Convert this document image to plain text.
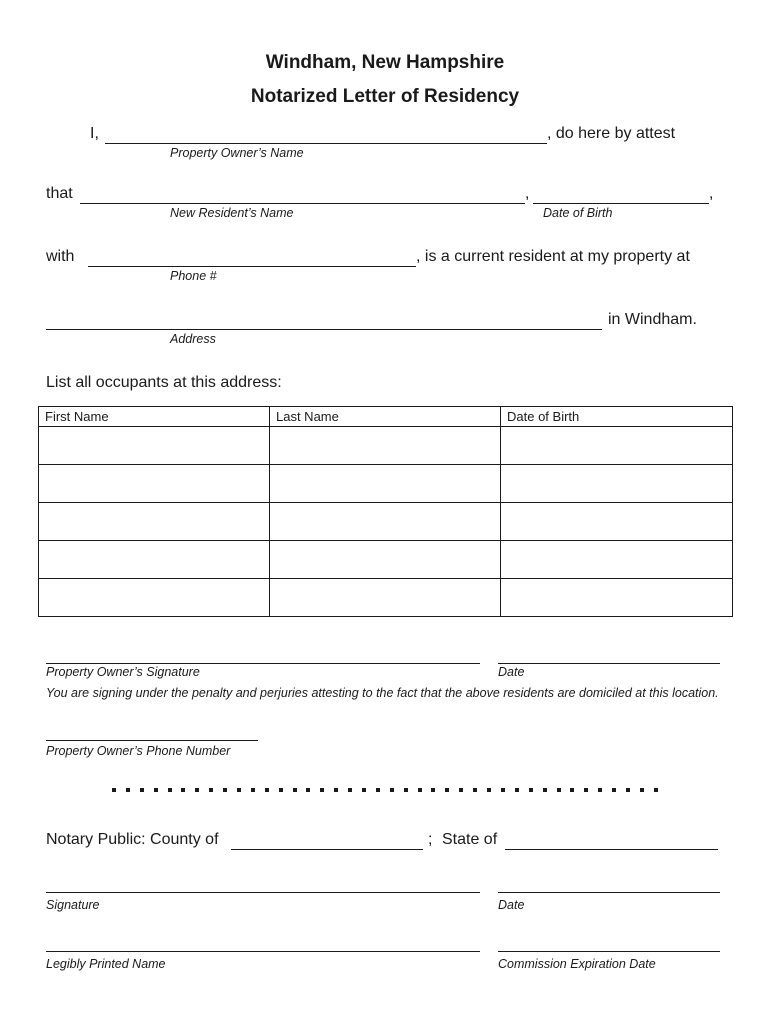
Windham, New Hampshire
Notarized Letter of Residency
I,	, do here by attest
Property Owner’s Name
that	,	,
New Resident’s Name	Date of Birth
with	, is a current resident at my property at
Phone #
in Windham.
Address
List all occupants at this address:
First Name	Last Name	Date of Birth

Property Owner’s Signature	Date
You are signing under the penalty and perjuries attesting to the fact that the above residents are domiciled at this location.
Property Owner’s Phone Number
Notary Public: County of	; State of
Signature	Date
Legibly Printed Name	Commission Expiration Date
